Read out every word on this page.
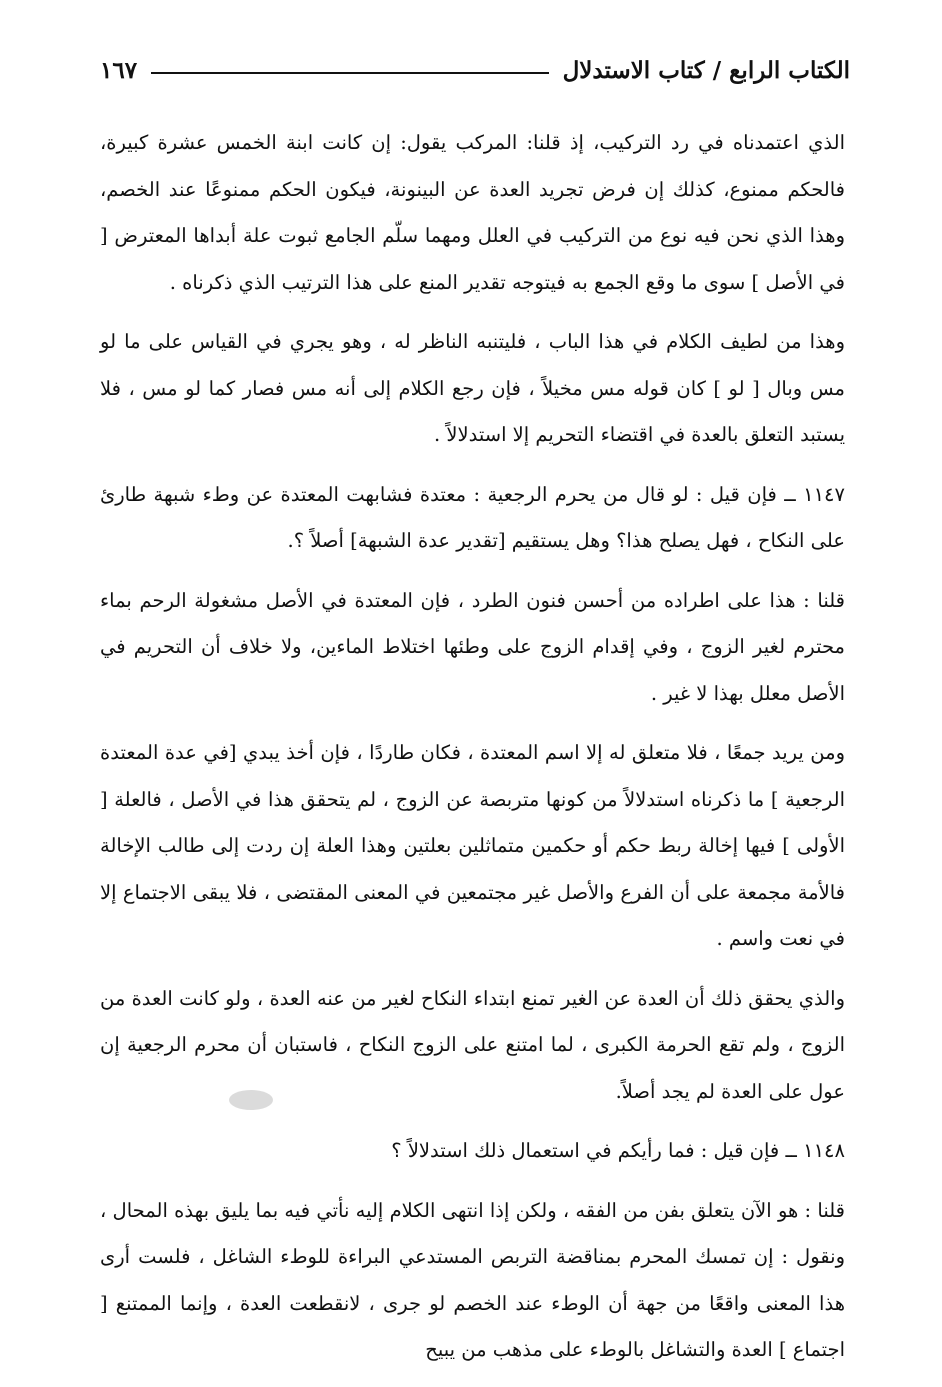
الكتاب الرابع / كتاب الاستدلال
١٦٧

الذي اعتمدناه في رد التركيب، إذ قلنا: المركب يقول: إن كانت ابنة الخمس عشرة كبيرة، فالحكم ممنوع، كذلك إن فرض تجريد العدة عن البينونة، فيكون الحكم ممنوعًا عند الخصم، وهذا الذي نحن فيه نوع من التركيب في العلل ومهما سلّم الجامع ثبوت علة أبداها المعترض [ في الأصل ] سوى ما وقع الجمع به فيتوجه تقدير المنع على هذا الترتيب الذي ذكرناه .

وهذا من لطيف الكلام في هذا الباب ، فليتنبه الناظر له ، وهو يجري في القياس على ما لو مس وبال [ لو ] كان قوله مس مخيلاً ، فإن رجع الكلام إلى أنه مس فصار كما لو مس ، فلا يستبد التعلق بالعدة في اقتضاء التحريم إلا استدلالاً .

١١٤٧ ــ فإن قيل : لو قال من يحرم الرجعية : معتدة فشابهت المعتدة عن وطء شبهة طارئ على النكاح ، فهل يصلح هذا؟ وهل يستقيم [تقدير عدة الشبهة] أصلاً ؟.

قلنا : هذا على اطراده من أحسن فنون الطرد ، فإن المعتدة في الأصل مشغولة الرحم بماء محترم لغير الزوج ، وفي إقدام الزوج على وطئها اختلاط الماءين، ولا خلاف أن التحريم في الأصل معلل بهذا لا غير .

ومن يريد جمعًا ، فلا متعلق له إلا اسم المعتدة ، فكان طاردًا ، فإن أخذ يبدي [في عدة المعتدة الرجعية ] ما ذكرناه استدلالاً من كونها متربصة عن الزوج ، لم يتحقق هذا في الأصل ، فالعلة [ الأولى ] فيها إخالة ربط حكم أو حكمين متماثلين بعلتين وهذا العلة إن ردت إلى طالب الإخالة فالأمة مجمعة على أن الفرع والأصل غير مجتمعين في المعنى المقتضى ، فلا يبقى الاجتماع إلا في نعت واسم .

والذي يحقق ذلك أن العدة عن الغير تمنع ابتداء النكاح لغير من عنه العدة ، ولو كانت العدة من الزوج ، ولم تقع الحرمة الكبرى ، لما امتنع على الزوج النكاح ، فاستبان أن محرم الرجعية إن عول على العدة لم يجد أصلاً.

١١٤٨ ــ فإن قيل : فما رأيكم في استعمال ذلك استدلالاً ؟

قلنا : هو الآن يتعلق بفن من الفقه ، ولكن إذا انتهى الكلام إليه نأتي فيه بما يليق بهذه المحال ، ونقول : إن تمسك المحرم بمناقضة التربص المستدعي البراءة للوطء الشاغل ، فلست أرى هذا المعنى واقعًا من جهة أن الوطء عند الخصم لو جرى ، لانقطعت العدة ، وإنما الممتنع [ اجتماع ] العدة والتشاغل بالوطء على مذهب من يبيح
